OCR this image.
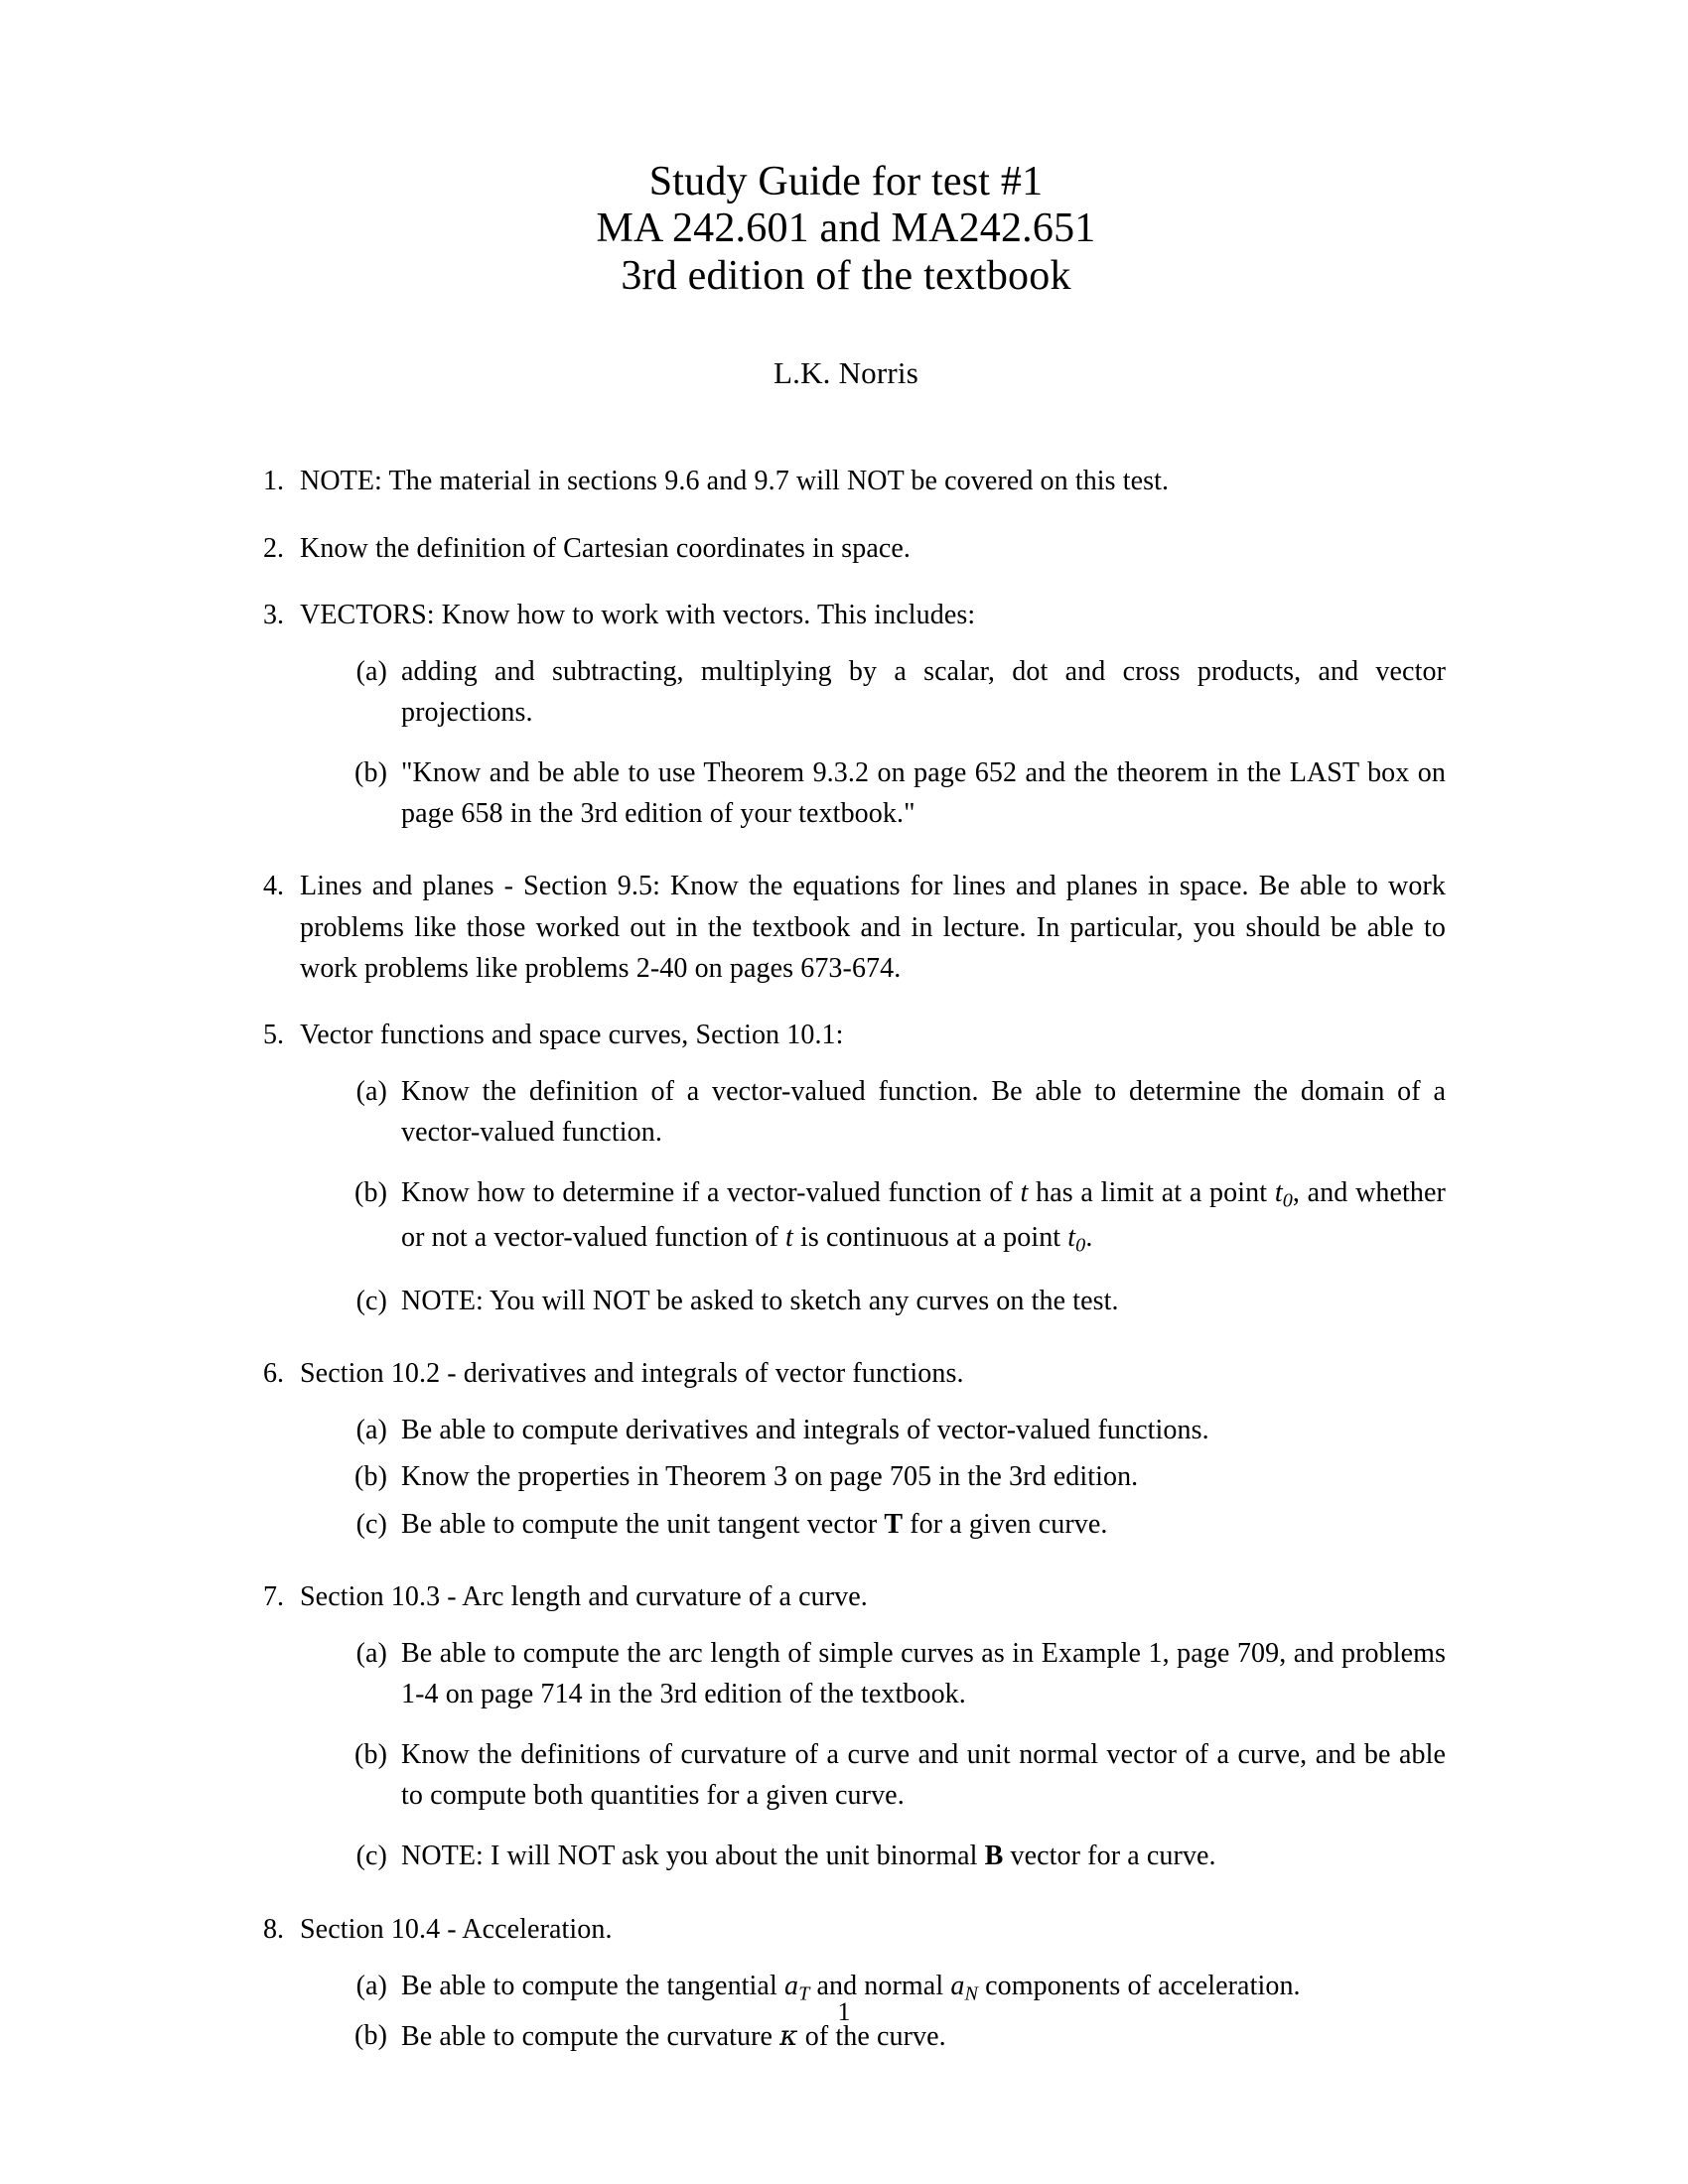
Study Guide for test #1
MA 242.601 and MA242.651
3rd edition of the textbook
L.K. Norris
1. NOTE: The material in sections 9.6 and 9.7 will NOT be covered on this test.

2. Know the definition of Cartesian coordinates in space.

3. VECTORS: Know how to work with vectors. This includes:

(a) adding and subtracting, multiplying by a scalar, dot and cross products, and vector projections.
(b) "Know and be able to use Theorem 9.3.2 on page 652 and the theorem in the LAST box on page 658 in the 3rd edition of your textbook."
4. Lines and planes - Section 9.5: Know the equations for lines and planes in space. Be able to work problems like those worked out in the textbook and in lecture. In particular, you should be able to work problems like problems 2-40 on pages 673-674.

5. Vector functions and space curves, Section 10.1:

(a) Know the definition of a vector-valued function. Be able to determine the domain of a vector-valued function.
(b) Know how to determine if a vector-valued function of t has a limit at a point $t_0$, and whether or not a vector-valued function of t is continuous at a point $t_0$.
(c) NOTE: You will NOT be asked to sketch any curves on the test.
6. Section 10.2 - derivatives and integrals of vector functions.

(a) Be able to compute derivatives and integrals of vector-valued functions.
(b) Know the properties in Theorem 3 on page 705 in the 3rd edition.
(c) Be able to compute the unit tangent vector T for a given curve.
7. Section 10.3 - Arc length and curvature of a curve.

(a) Be able to compute the arc length of simple curves as in Example 1, page 709, and problems 1-4 on page 714 in the 3rd edition of the textbook.
(b) Know the definitions of curvature of a curve and unit normal vector of a curve, and be able to compute both quantities for a given curve.
(c) NOTE: I will NOT ask you about the unit binormal B vector for a curve.
8. Section 10.4 - Acceleration.

(a) Be able to compute the tangential $a_T$ and normal $a_N$ components of acceleration.
(b) Be able to compute the curvature κ of the curve.
1
